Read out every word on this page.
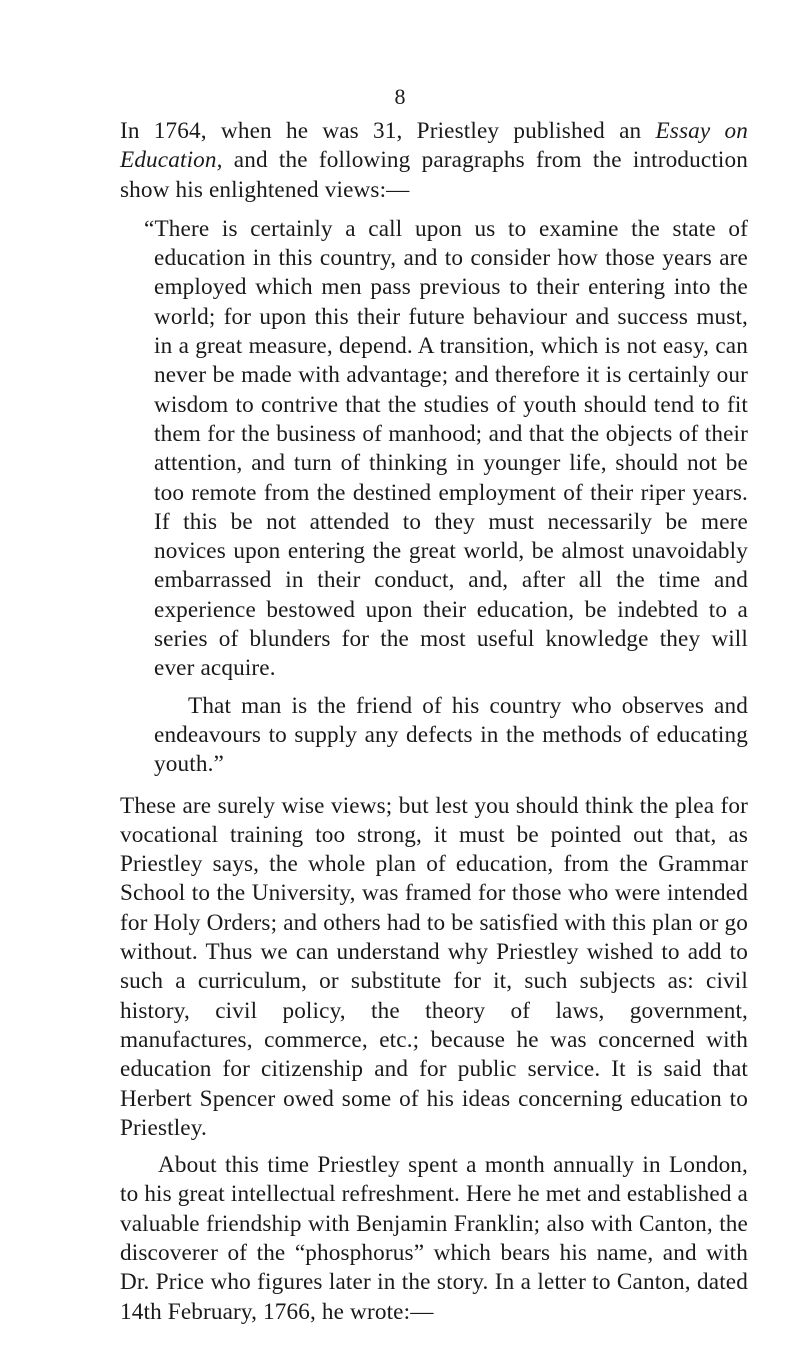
8

In 1764, when he was 31, Priestley published an Essay on Education, and the following paragraphs from the introduction show his enlightened views:—

“There is certainly a call upon us to examine the state of education in this country, and to consider how those years are employed which men pass previous to their entering into the world; for upon this their future behaviour and success must, in a great measure, depend. A transition, which is not easy, can never be made with advantage; and therefore it is certainly our wisdom to contrive that the studies of youth should tend to fit them for the business of manhood; and that the objects of their attention, and turn of thinking in younger life, should not be too remote from the destined employment of their riper years. If this be not attended to they must necessarily be mere novices upon entering the great world, be almost unavoidably embarrassed in their conduct, and, after all the time and experience bestowed upon their education, be indebted to a series of blunders for the most useful knowledge they will ever acquire.

That man is the friend of his country who observes and endeavours to supply any defects in the methods of educating youth.”

These are surely wise views; but lest you should think the plea for vocational training too strong, it must be pointed out that, as Priestley says, the whole plan of education, from the Grammar School to the University, was framed for those who were intended for Holy Orders; and others had to be satisfied with this plan or go without. Thus we can understand why Priestley wished to add to such a curriculum, or substitute for it, such subjects as: civil history, civil policy, the theory of laws, government, manufactures, commerce, etc.; because he was concerned with education for citizenship and for public service. It is said that Herbert Spencer owed some of his ideas concerning education to Priestley.

About this time Priestley spent a month annually in London, to his great intellectual refreshment. Here he met and established a valuable friendship with Benjamin Franklin; also with Canton, the discoverer of the “phosphorus” which bears his name, and with Dr. Price who figures later in the story. In a letter to Canton, dated 14th February, 1766, he wrote:—
